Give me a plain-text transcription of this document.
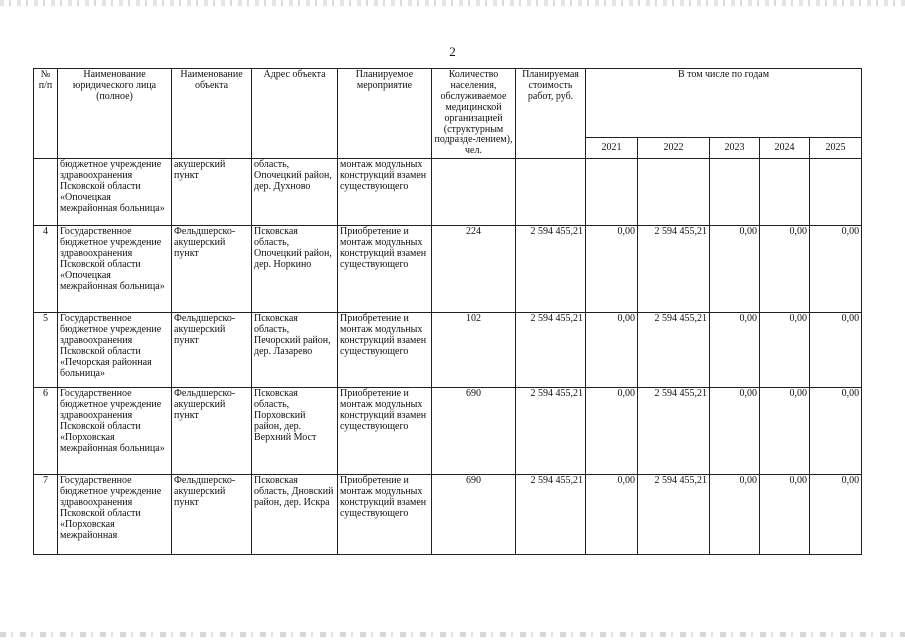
2
№ п/п	Наименование юридического лица (полное)	Наименование объекта	Адрес объекта	Планируемое мероприятие	Количество населения, обслуживаемое медицинской организацией (структурным подразде-лением), чел.	Планируемая стоимость работ, руб.	В том числе по годам				
							2021	2022	2023	2024	2025
	бюджетное учреждение здравоохранения Псковской области «Опочецкая межрайонная больница»	акушерский пункт	область, Опочецкий район, дер. Духново	монтаж модульных конструкций взамен существующего							
4	Государственное бюджетное учреждение здравоохранения Псковской области «Опочецкая межрайонная больница»	Фельдшерско-акушерский пункт	Псковская область, Опочецкий район, дер. Норкино	Приобретение и монтаж модульных конструкций взамен существующего	224	2 594 455,21	0,00	2 594 455,21	0,00	0,00	0,00
5	Государственное бюджетное учреждение здравоохранения Псковской области «Печорская районная больница»	Фельдшерско-акушерский пункт	Псковская область, Печорский район, дер. Лазарево	Приобретение и монтаж модульных конструкций взамен существующего	102	2 594 455,21	0,00	2 594 455,21	0,00	0,00	0,00
6	Государственное бюджетное учреждение здравоохранения Псковской области «Порховская межрайонная больница»	Фельдшерско-акушерский пункт	Псковская область, Порховский район, дер. Верхний Мост	Приобретение и монтаж модульных конструкций взамен существующего	690	2 594 455,21	0,00	2 594 455,21	0,00	0,00	0,00
7	Государственное бюджетное учреждение здравоохранения Псковской области «Порховская межрайонная	Фельдшерско-акушерский пункт	Псковская область, Дновский район, дер. Искра	Приобретение и монтаж модульных конструкций взамен существующего	690	2 594 455,21	0,00	2 594 455,21	0,00	0,00	0,00
